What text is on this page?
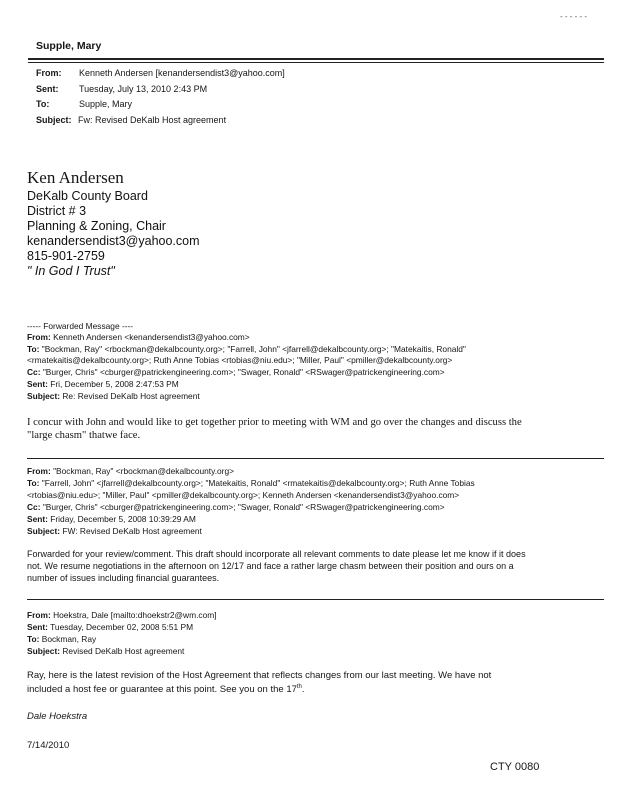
- - - - - -
Supple, Mary
From: Kenneth Andersen [kenandersendist3@yahoo.com]
Sent: Tuesday, July 13, 2010 2:43 PM
To:	Supple, Mary
Subject: Fw: Revised DeKalb Host agreement
Ken Andersen
DeKalb County Board
District # 3
Planning & Zoning, Chair
kenandersendist3@yahoo.com
815-901-2759
" In God I Trust"
----- Forwarded Message ----
From: Kenneth Andersen <kenandersendist3@yahoo.com>
To: "Bockman, Ray" <rbockman@dekalbcounty.org>; "Farrell, John" <jfarrell@dekalbcounty.org>; "Matekaitis, Ronald"
<rmatekaitis@dekalbcounty.org>; Ruth Anne Tobias <rtobias@niu.edu>; "Miller, Paul" <pmiller@dekalbcounty.org>
Cc: "Burger, Chris" <cburger@patrickengineering.com>; "Swager, Ronald" <RSwager@patrickengineering.com>
Sent: Fri, December 5, 2008 2:47:53 PM
Subject: Re: Revised DeKalb Host agreement
I concur with John and would like to get together prior to meeting with WM and go over the changes and discuss the
"large chasm" thatwe face.
From: "Bockman, Ray" <rbockman@dekalbcounty.org>
To: "Farrell, John" <jfarrell@dekalbcounty.org>; "Matekaitis, Ronald" <rmatekaitis@dekalbcounty.org>; Ruth Anne Tobias
<rtobias@niu.edu>; "Miller, Paul" <pmiller@dekalbcounty.org>; Kenneth Andersen <kenandersendist3@yahoo.com>
Cc: "Burger, Chris" <cburger@patrickengineering.com>; "Swager, Ronald" <RSwager@patrickengineering.com>
Sent: Friday, December 5, 2008 10:39:29 AM
Subject: FW: Revised DeKalb Host agreement
Forwarded for your review/comment. This draft should incorporate all relevant comments to date please let me know if it does
not. We resume negotiations in the afternoon on 12/17 and face a rather large chasm between their position and ours on a
number of issues including financial guarantees.
From: Hoekstra, Dale [mailto:dhoekstr2@wm.com]
Sent: Tuesday, December 02, 2008 5:51 PM
To: Bockman, Ray
Subject: Revised DeKalb Host agreement
Ray, here is the latest revision of the Host Agreement that reflects changes from our last meeting. We have not
included a host fee or guarantee at this point. See you on the 17th.
Dale Hoekstra
7/14/2010
CTY 0080
